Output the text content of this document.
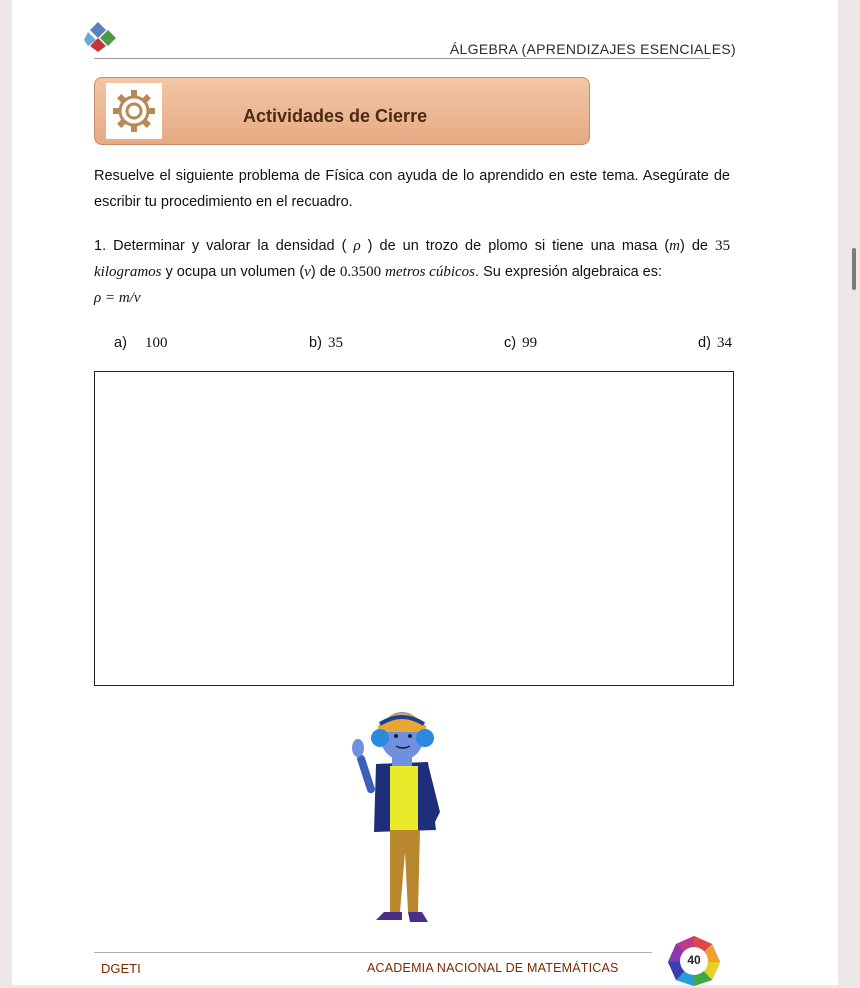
ÁLGEBRA (APRENDIZAJES ESENCIALES)
Actividades de Cierre
Resuelve el siguiente problema de Física con ayuda de lo aprendido en este tema. Asegúrate de escribir tu procedimiento en el recuadro.
1. Determinar y valorar la densidad ( ρ ) de un trozo de plomo si tiene una masa (m) de 35 kilogramos y ocupa un volumen (v) de 0.3500 metros cúbicos. Su expresión algebraica es:
ρ = m/v
a) 100	b) 35	c) 99	d) 34
DGETI	ACADEMIA NACIONAL DE MATEMÁTICAS
40
